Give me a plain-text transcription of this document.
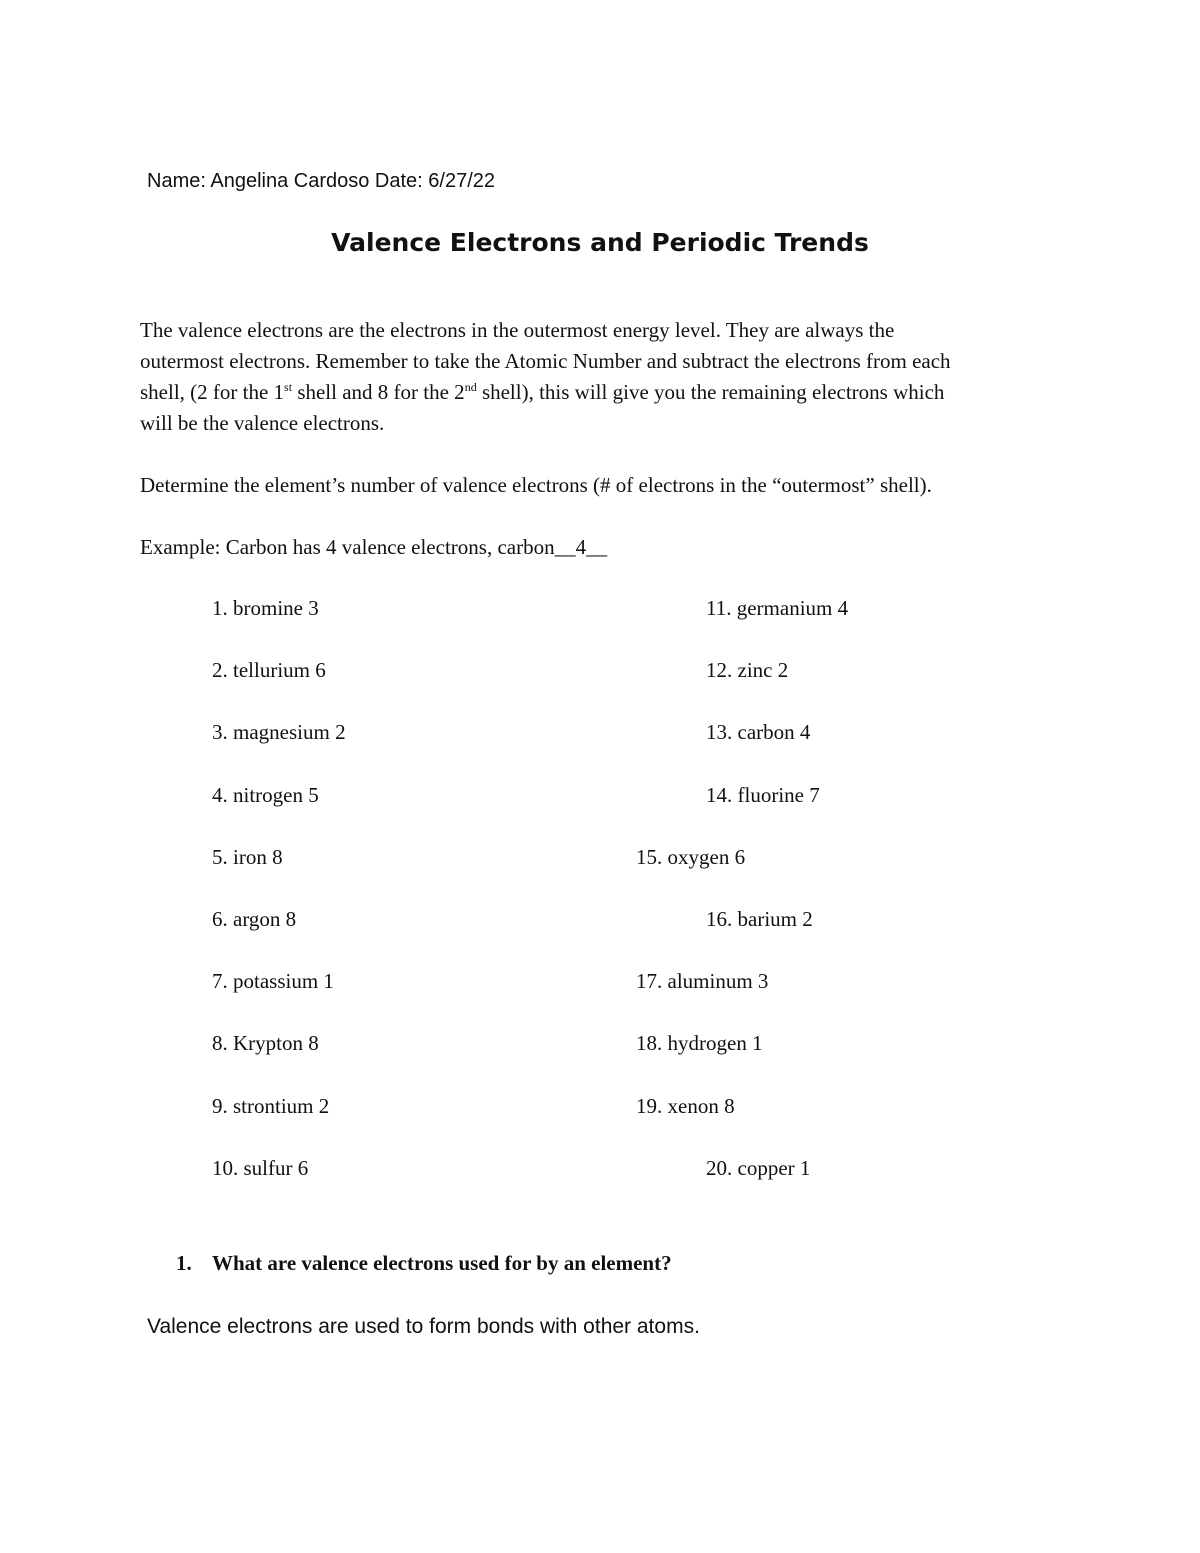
Name: Angelina Cardoso Date: 6/27/22
Valence Electrons and Periodic Trends
The valence electrons are the electrons in the outermost energy level. They are always the
outermost electrons. Remember to take the Atomic Number and subtract the electrons from each
shell, (2 for the 1st shell and 8 for the 2nd shell), this will give you the remaining electrons which
will be the valence electrons.
Determine the element’s number of valence electrons (# of electrons in the “outermost” shell).
Example: Carbon has 4 valence electrons, carbon__4__
1. bromine 3
2. tellurium 6
3. magnesium 2
4. nitrogen 5
5. iron 8
6. argon 8
7. potassium 1
8. Krypton 8
9. strontium 2
10. sulfur 6
11. germanium 4
12. zinc 2
13. carbon 4
14. fluorine 7
15. oxygen 6
16. barium 2
17. aluminum 3
18. hydrogen 1
19. xenon 8
20. copper 1
1. What are valence electrons used for by an element?
Valence electrons are used to form bonds with other atoms.
